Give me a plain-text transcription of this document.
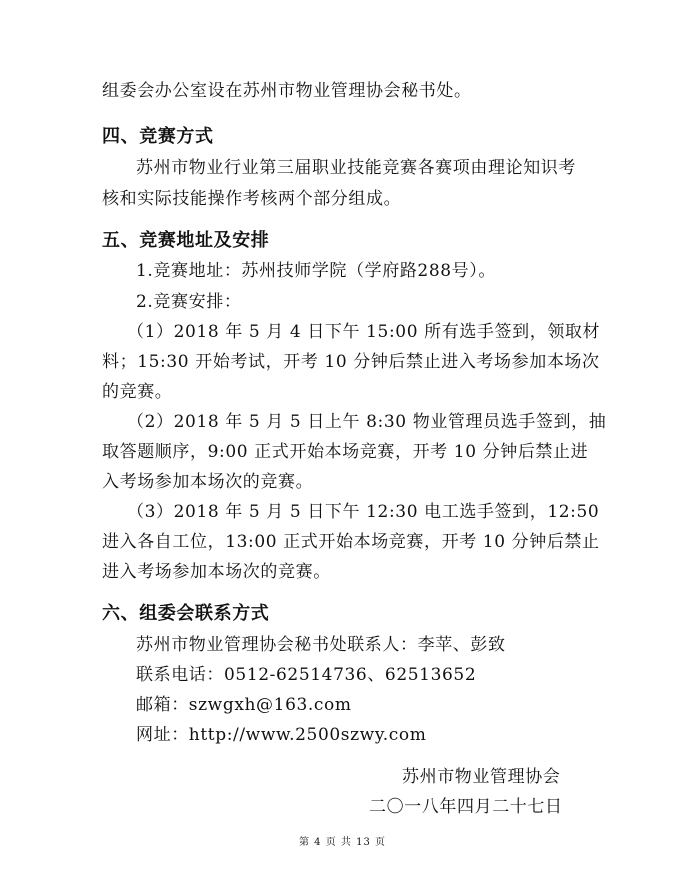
组委会办公室设在苏州市物业管理协会秘书处。
四、竞赛方式
苏州市物业行业第三届职业技能竞赛各赛项由理论知识考
核和实际技能操作考核两个部分组成。
五、竞赛地址及安排
1.竞赛地址：苏州技师学院（学府路288号）。
2.竞赛安排：
（1）2018 年 5 月 4 日下午 15:00 所有选手签到，领取材
料；15:30 开始考试，开考 10 分钟后禁止进入考场参加本场次
的竞赛。
（2）2018 年 5 月 5 日上午 8:30 物业管理员选手签到，抽
取答题顺序，9:00 正式开始本场竞赛，开考 10 分钟后禁止进
入考场参加本场次的竞赛。
（3）2018 年 5 月 5 日下午 12:30 电工选手签到，12:50
进入各自工位，13:00 正式开始本场竞赛，开考 10 分钟后禁止
进入考场参加本场次的竞赛。
六、组委会联系方式
苏州市物业管理协会秘书处联系人：李苹、彭致
联系电话：0512-62514736、62513652
邮箱：szwgxh@163.com
网址：http://www.2500szwy.com
苏州市物业管理协会
二〇一八年四月二十七日
第 4 页 共 13 页
